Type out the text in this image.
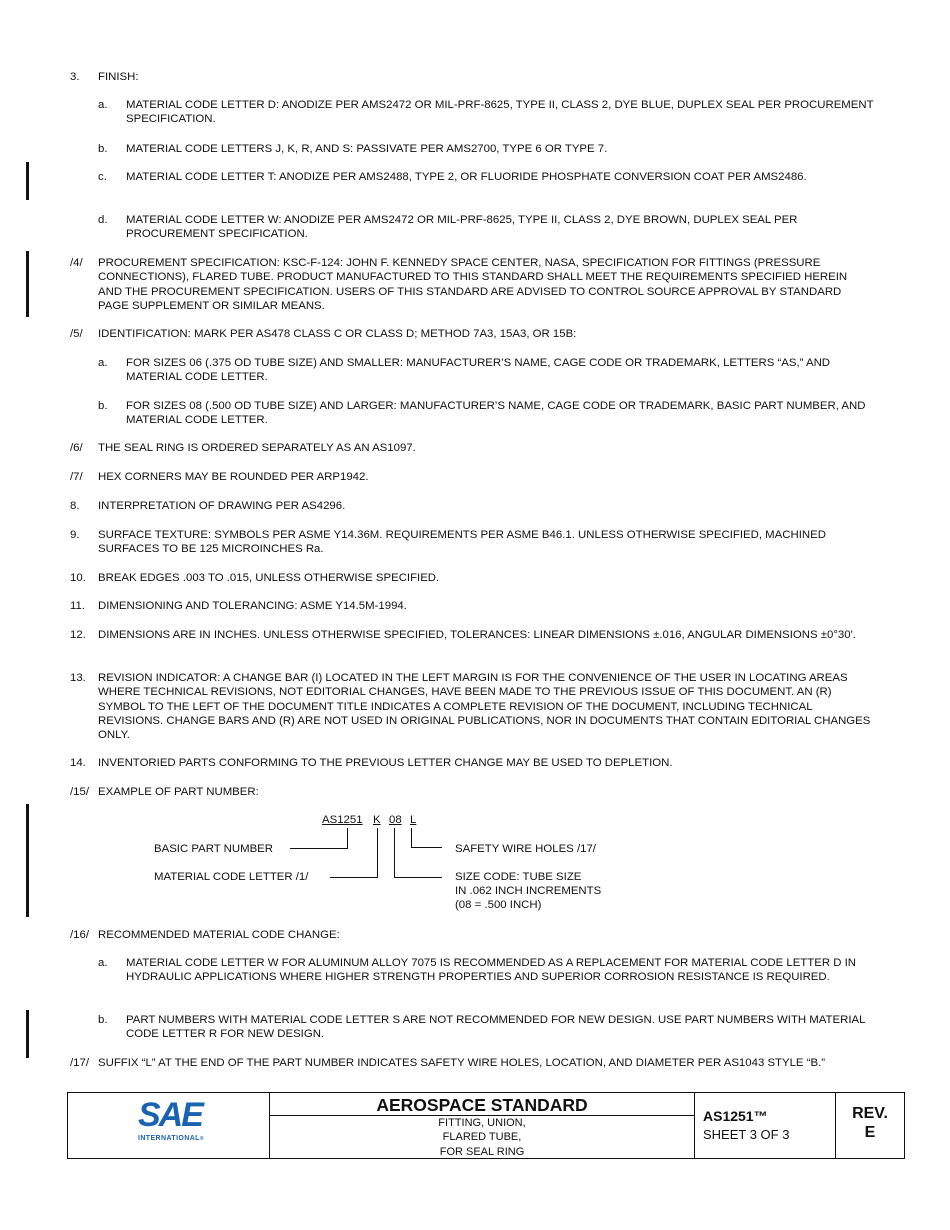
3. FINISH:
a. MATERIAL CODE LETTER D: ANODIZE PER AMS2472 OR MIL-PRF-8625, TYPE II, CLASS 2, DYE BLUE, DUPLEX SEAL PER PROCUREMENT SPECIFICATION.
b. MATERIAL CODE LETTERS J, K, R, AND S: PASSIVATE PER AMS2700, TYPE 6 OR TYPE 7.
c. MATERIAL CODE LETTER T: ANODIZE PER AMS2488, TYPE 2, OR FLUORIDE PHOSPHATE CONVERSION COAT PER AMS2486.
d. MATERIAL CODE LETTER W: ANODIZE PER AMS2472 OR MIL-PRF-8625, TYPE II, CLASS 2, DYE BROWN, DUPLEX SEAL PER PROCUREMENT SPECIFICATION.
/4/ PROCUREMENT SPECIFICATION: KSC-F-124: JOHN F. KENNEDY SPACE CENTER, NASA, SPECIFICATION FOR FITTINGS (PRESSURE CONNECTIONS), FLARED TUBE. PRODUCT MANUFACTURED TO THIS STANDARD SHALL MEET THE REQUIREMENTS SPECIFIED HEREIN AND THE PROCUREMENT SPECIFICATION. USERS OF THIS STANDARD ARE ADVISED TO CONTROL SOURCE APPROVAL BY STANDARD PAGE SUPPLEMENT OR SIMILAR MEANS.
/5/ IDENTIFICATION: MARK PER AS478 CLASS C OR CLASS D; METHOD 7A3, 15A3, OR 15B:
a. FOR SIZES 06 (.375 OD TUBE SIZE) AND SMALLER: MANUFACTURER’S NAME, CAGE CODE OR TRADEMARK, LETTERS “AS,” AND MATERIAL CODE LETTER.
b. FOR SIZES 08 (.500 OD TUBE SIZE) AND LARGER: MANUFACTURER’S NAME, CAGE CODE OR TRADEMARK, BASIC PART NUMBER, AND MATERIAL CODE LETTER.
/6/ THE SEAL RING IS ORDERED SEPARATELY AS AN AS1097.
/7/ HEX CORNERS MAY BE ROUNDED PER ARP1942.
8. INTERPRETATION OF DRAWING PER AS4296.
9. SURFACE TEXTURE: SYMBOLS PER ASME Y14.36M. REQUIREMENTS PER ASME B46.1. UNLESS OTHERWISE SPECIFIED, MACHINED SURFACES TO BE 125 MICROINCHES Ra.
10. BREAK EDGES .003 TO .015, UNLESS OTHERWISE SPECIFIED.
11. DIMENSIONING AND TOLERANCING: ASME Y14.5M-1994.
12. DIMENSIONS ARE IN INCHES. UNLESS OTHERWISE SPECIFIED, TOLERANCES: LINEAR DIMENSIONS ±.016, ANGULAR DIMENSIONS ±0°30'.
13. REVISION INDICATOR: A CHANGE BAR (I) LOCATED IN THE LEFT MARGIN IS FOR THE CONVENIENCE OF THE USER IN LOCATING AREAS WHERE TECHNICAL REVISIONS, NOT EDITORIAL CHANGES, HAVE BEEN MADE TO THE PREVIOUS ISSUE OF THIS DOCUMENT. AN (R) SYMBOL TO THE LEFT OF THE DOCUMENT TITLE INDICATES A COMPLETE REVISION OF THE DOCUMENT, INCLUDING TECHNICAL REVISIONS. CHANGE BARS AND (R) ARE NOT USED IN ORIGINAL PUBLICATIONS, NOR IN DOCUMENTS THAT CONTAIN EDITORIAL CHANGES ONLY.
14. INVENTORIED PARTS CONFORMING TO THE PREVIOUS LETTER CHANGE MAY BE USED TO DEPLETION.
/15/ EXAMPLE OF PART NUMBER:
AS1251 K 08 L
BASIC PART NUMBER
MATERIAL CODE LETTER /1/
SAFETY WIRE HOLES /17/
SIZE CODE: TUBE SIZE
IN .062 INCH INCREMENTS
(08 = .500 INCH)
/16/ RECOMMENDED MATERIAL CODE CHANGE:
a. MATERIAL CODE LETTER W FOR ALUMINUM ALLOY 7075 IS RECOMMENDED AS A REPLACEMENT FOR MATERIAL CODE LETTER D IN HYDRAULIC APPLICATIONS WHERE HIGHER STRENGTH PROPERTIES AND SUPERIOR CORROSION RESISTANCE IS REQUIRED.
b. PART NUMBERS WITH MATERIAL CODE LETTER S ARE NOT RECOMMENDED FOR NEW DESIGN. USE PART NUMBERS WITH MATERIAL CODE LETTER R FOR NEW DESIGN.
/17/ SUFFIX “L” AT THE END OF THE PART NUMBER INDICATES SAFETY WIRE HOLES, LOCATION, AND DIAMETER PER AS1043 STYLE “B.”
SAE
INTERNATIONAL®
AEROSPACE STANDARD
FITTING, UNION,
FLARED TUBE,
FOR SEAL RING
AS1251™
SHEET 3 OF 3
REV.
E
